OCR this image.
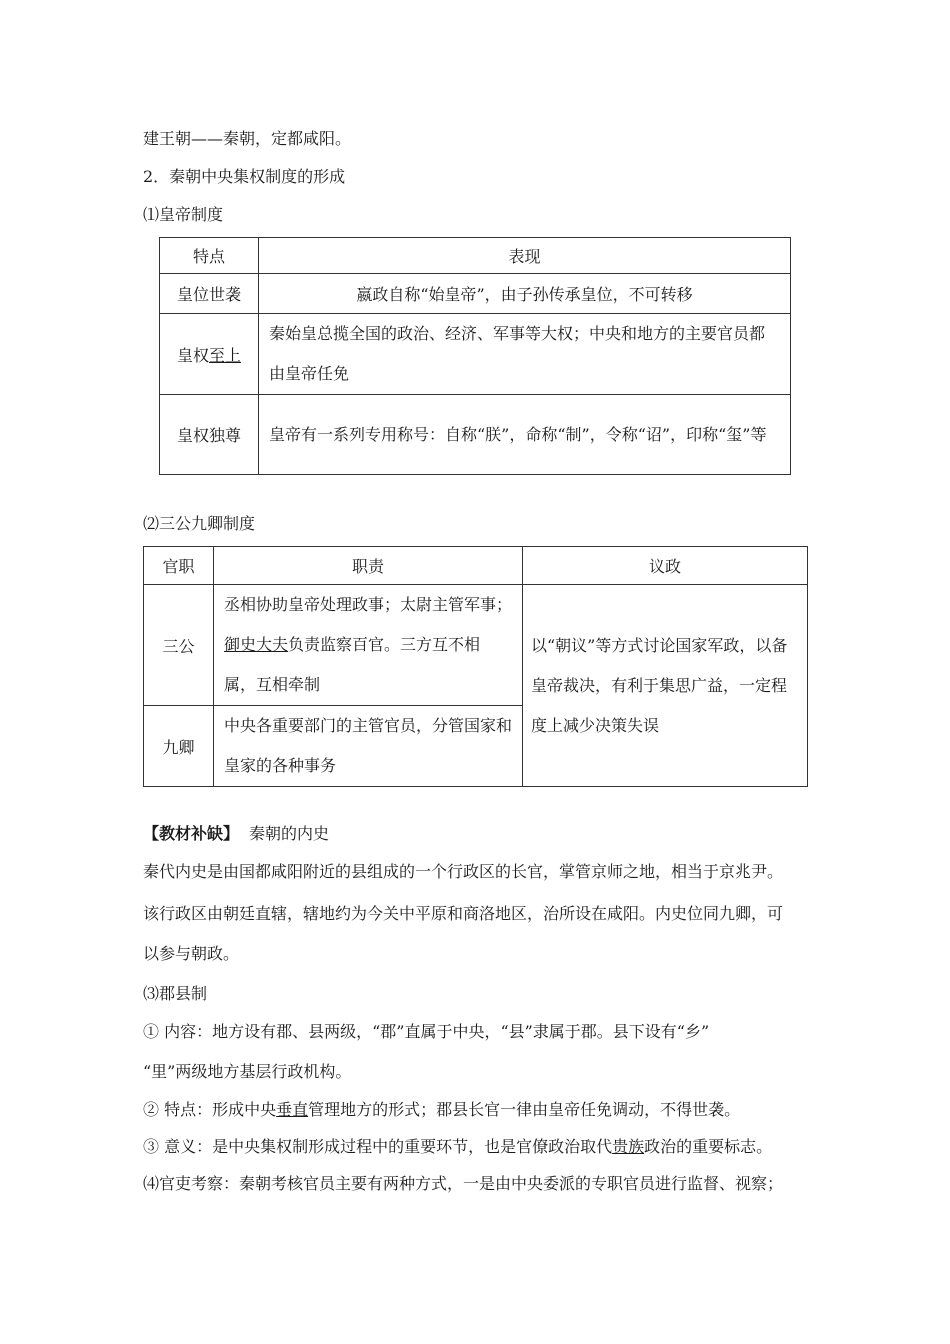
建王朝——秦朝，定都咸阳。
2．秦朝中央集权制度的形成
⑴皇帝制度
特点	表现
皇位世袭	嬴政自称“始皇帝”，由子孙传承皇位，不可转移
皇权至上	秦始皇总揽全国的政治、经济、军事等大权；中央和地方的主要官员都由皇帝任免

皇权独尊	皇帝有一系列专用称号：自称“朕”，命称“制”，令称“诏”，印称“玺”等
⑵三公九卿制度
官职	职责	议政
三公	丞相协助皇帝处理政事；太尉主管军事；御史大夫负责监察百官。三方互不相属，互相牵制	以“朝议”等方式讨论国家军政，以备皇帝裁决，有利于集思广益，一定程度上减少决策失误

九卿	中央各重要部门的主管官员，分管国家和皇家的各种事务	
【教材补缺】 秦朝的内史
秦代内史是由国都咸阳附近的县组成的一个行政区的长官，掌管京师之地，相当于京兆尹。
该行政区由朝廷直辖，辖地约为今关中平原和商洛地区，治所设在咸阳。内史位同九卿，可
以参与朝政。
⑶郡县制
① 内容：地方设有郡、县两级，“郡”直属于中央，“县”隶属于郡。县下设有“乡”
“里”两级地方基层行政机构。
② 特点：形成中央垂直管理地方的形式；郡县长官一律由皇帝任免调动，不得世袭。
③ 意义：是中央集权制形成过程中的重要环节，也是官僚政治取代贵族政治的重要标志。
⑷官吏考察：秦朝考核官员主要有两种方式，一是由中央委派的专职官员进行监督、视察；
